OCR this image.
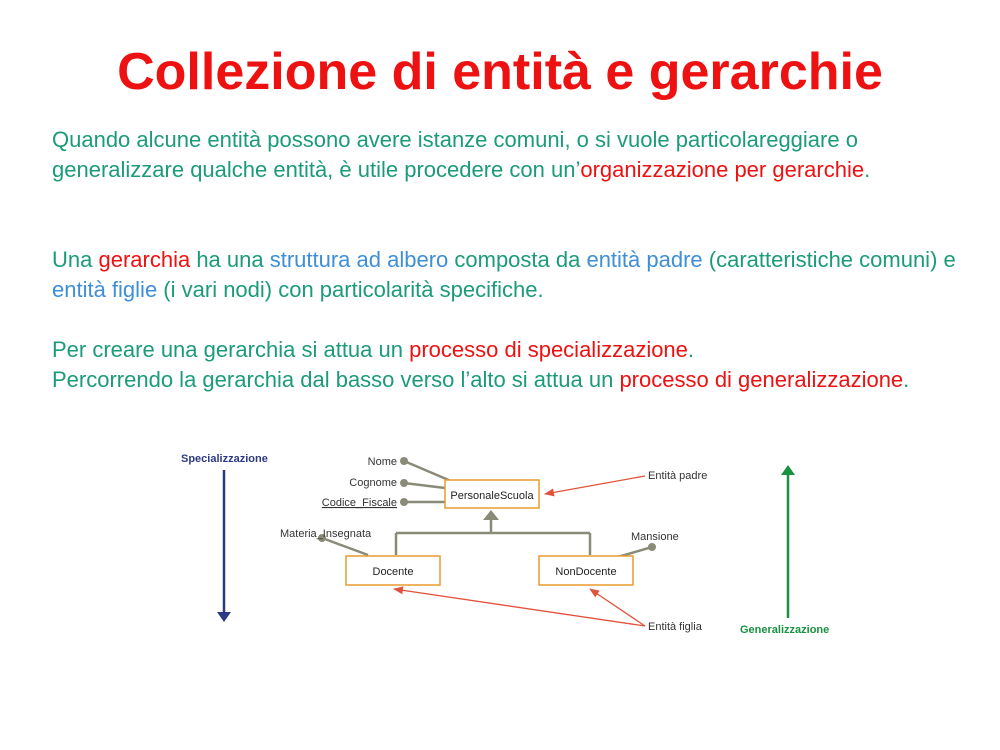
Collezione di entità e gerarchie

Quando alcune entità possono avere istanze comuni, o si vuole particolareggiare o generalizzare qualche entità, è utile procedere con un’organizzazione per gerarchie.

Una gerarchia ha una struttura ad albero composta da entità padre (caratteristiche comuni) e entità figlie (i vari nodi) con particolarità specifiche.

Per creare una gerarchia si attua un processo di specializzazione.
Percorrendo la gerarchia dal basso verso l’alto si attua un processo di generalizzazione.

Specializzazione
Generalizzazione
Nome
Cognome
Codice_Fiscale
Materia_Insegnata	Mansione
PersonaleScuola
Docente	NonDocente
Entità padre
Entità figlia
